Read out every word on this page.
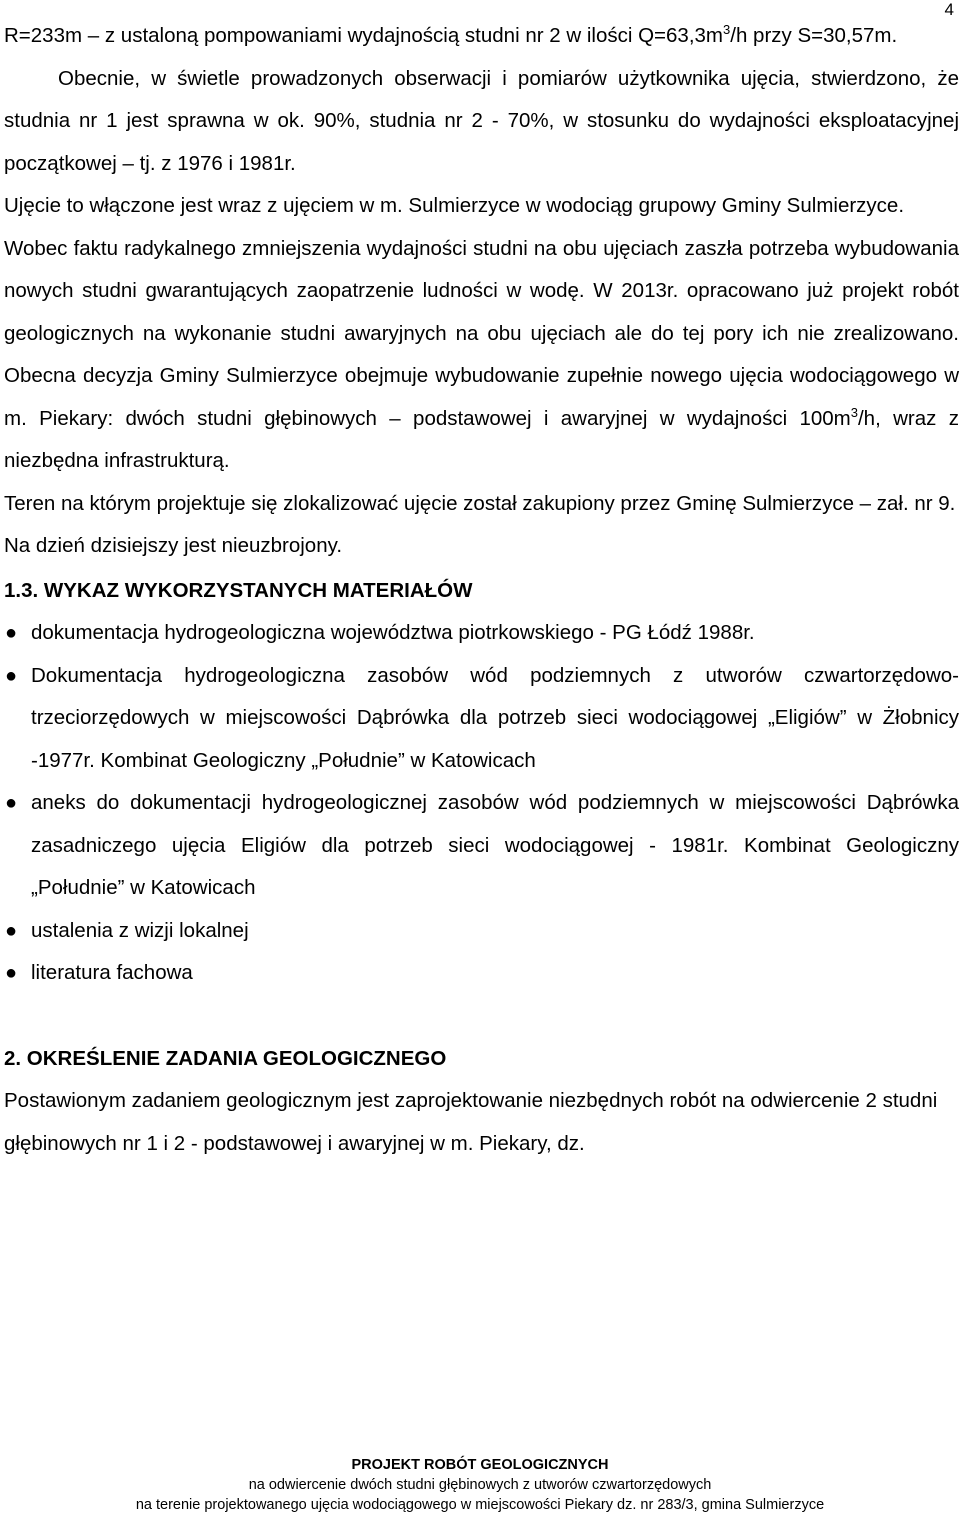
4

R=233m – z ustaloną pompowaniami wydajnością studni nr 2 w ilości $Q=63,3m^3/h$ przy S=30,57m.

Obecnie, w świetle prowadzonych obserwacji i pomiarów użytkownika ujęcia, stwierdzono, że studnia nr 1 jest sprawna w ok. 90%, studnia nr 2 - 70%, w stosunku do wydajności eksploatacyjnej początkowej – tj. z 1976 i 1981r.

Ujęcie to włączone jest wraz z ujęciem w m. Sulmierzyce w wodociąg grupowy Gminy Sulmierzyce.

Wobec faktu radykalnego zmniejszenia wydajności studni na obu ujęciach zaszła potrzeba wybudowania nowych studni gwarantujących zaopatrzenie ludności w wodę. W 2013r. opracowano już projekt robót geologicznych na wykonanie studni awaryjnych na obu ujęciach ale do tej pory ich nie zrealizowano. Obecna decyzja Gminy Sulmierzyce obejmuje wybudowanie zupełnie nowego ujęcia wodociągowego w m. Piekary: dwóch studni głębinowych – podstawowej i awaryjnej w wydajności $100m^3/h$, wraz z niezbędna infrastrukturą.

Teren na którym projektuje się zlokalizować ujęcie został zakupiony przez Gminę Sulmierzyce – zał. nr 9.

Na dzień dzisiejszy jest nieuzbrojony.

1.3. WYKAZ WYKORZYSTANYCH MATERIAŁÓW

● dokumentacja hydrogeologiczna województwa piotrkowskiego - PG Łódź 1988r.
● Dokumentacja hydrogeologiczna zasobów wód podziemnych z utworów czwartorzędowo-trzeciorzędowych w miejscowości Dąbrówka dla potrzeb sieci wodociągowej „Eligiów” w Żłobnicy -1977r. Kombinat Geologiczny „Południe” w Katowicach
● aneks do dokumentacji hydrogeologicznej zasobów wód podziemnych w miejscowości Dąbrówka zasadniczego ujęcia Eligiów dla potrzeb sieci wodociągowej - 1981r. Kombinat Geologiczny „Południe” w Katowicach
● ustalenia z wizji lokalnej
● literatura fachowa

2. OKREŚLENIE ZADANIA GEOLOGICZNEGO

Postawionym zadaniem geologicznym jest zaprojektowanie niezbędnych robót na odwiercenie 2 studni głębinowych nr 1 i 2 - podstawowej i awaryjnej w m. Piekary, dz.

PROJEKT ROBÓT GEOLOGICZNYCH
na odwiercenie dwóch studni głębinowych z utworów czwartorzędowych
na terenie projektowanego ujęcia wodociągowego w miejscowości Piekary dz. nr 283/3, gmina Sulmierzyce
